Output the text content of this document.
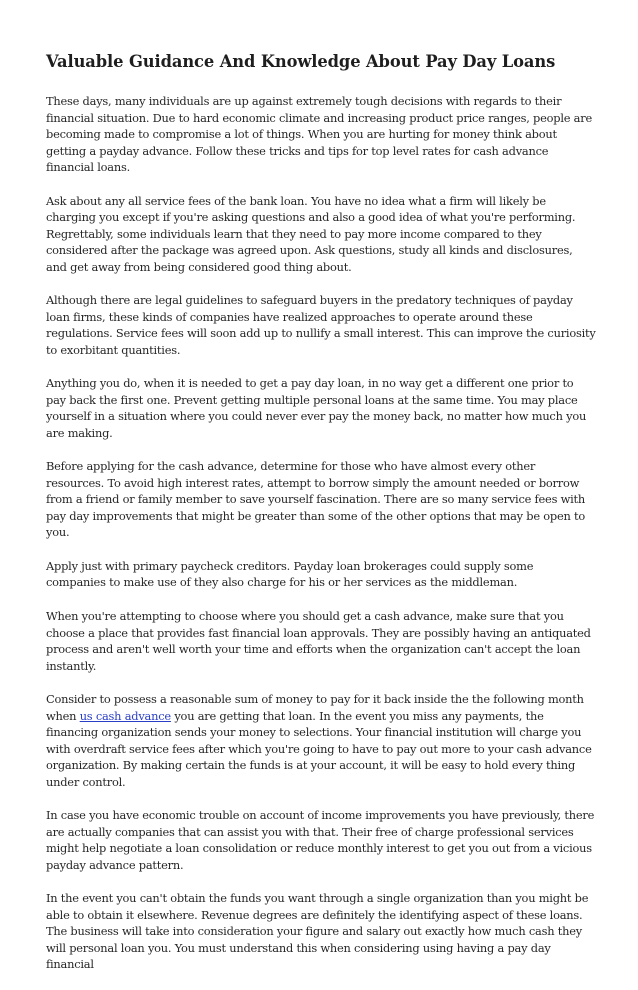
Valuable Guidance And Knowledge About Pay Day Loans

These days, many individuals are up against extremely tough decisions with regards to their financial situation. Due to hard economic climate and increasing product price ranges, people are becoming made to compromise a lot of things. When you are hurting for money think about getting a payday advance. Follow these tricks and tips for top level rates for cash advance financial loans.

Ask about any all service fees of the bank loan. You have no idea what a firm will likely be charging you except if you're asking questions and also a good idea of what you're performing. Regrettably, some individuals learn that they need to pay more income compared to they considered after the package was agreed upon. Ask questions, study all kinds and disclosures, and get away from being considered good thing about.

Although there are legal guidelines to safeguard buyers in the predatory techniques of payday loan firms, these kinds of companies have realized approaches to operate around these regulations. Service fees will soon add up to nullify a small interest. This can improve the curiosity to exorbitant quantities.

Anything you do, when it is needed to get a pay day loan, in no way get a different one prior to pay back the first one. Prevent getting multiple personal loans at the same time. You may place yourself in a situation where you could never ever pay the money back, no matter how much you are making.

Before applying for the cash advance, determine for those who have almost every other resources. To avoid high interest rates, attempt to borrow simply the amount needed or borrow from a friend or family member to save yourself fascination. There are so many service fees with pay day improvements that might be greater than some of the other options that may be open to you.

Apply just with primary paycheck creditors. Payday loan brokerages could supply some companies to make use of they also charge for his or her services as the middleman.

When you're attempting to choose where you should get a cash advance, make sure that you choose a place that provides fast financial loan approvals. They are possibly having an antiquated process and aren't well worth your time and efforts when the organization can't accept the loan instantly.

Consider to possess a reasonable sum of money to pay for it back inside the the following month when us cash advance you are getting that loan. In the event you miss any payments, the financing organization sends your money to selections. Your financial institution will charge you with overdraft service fees after which you're going to have to pay out more to your cash advance organization. By making certain the funds is at your account, it will be easy to hold every thing under control.

In case you have economic trouble on account of income improvements you have previously, there are actually companies that can assist you with that. Their free of charge professional services might help negotiate a loan consolidation or reduce monthly interest to get you out from a vicious payday advance pattern.

In the event you can't obtain the funds you want through a single organization than you might be able to obtain it elsewhere. Revenue degrees are definitely the identifying aspect of these loans. The business will take into consideration your figure and salary out exactly how much cash they will personal loan you. You must understand this when considering using having a pay day financial
